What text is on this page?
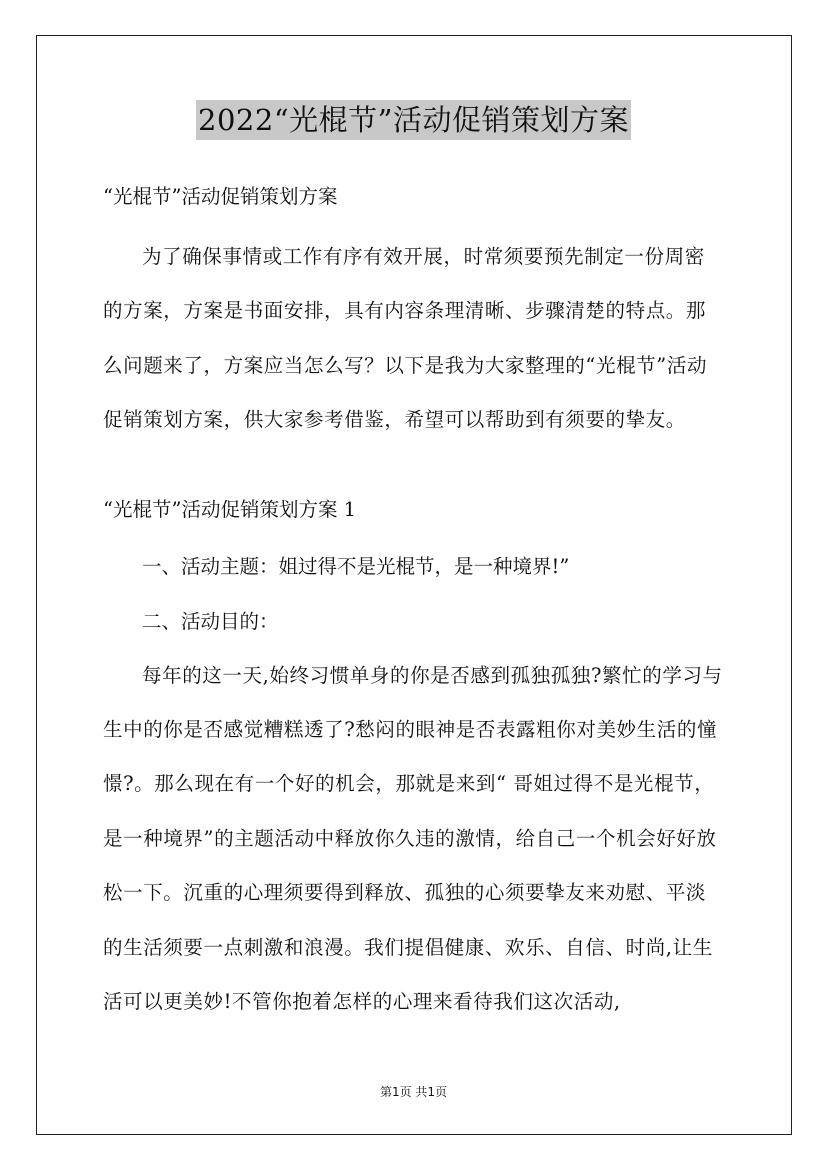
2022“光棍节”活动促销策划方案
“光棍节”活动促销策划方案

为了确保事情或工作有序有效开展，时常须要预先制定一份周密的方案，方案是书面安排，具有内容条理清晰、步骤清楚的特点。那么问题来了，方案应当怎么写？以下是我为大家整理的“光棍节”活动促销策划方案，供大家参考借鉴，希望可以帮助到有须要的挚友。

“光棍节”活动促销策划方案 1
一、活动主题：姐过得不是光棍节，是一种境界!”
二、活动目的：

每年的这一天,始终习惯单身的你是否感到孤独孤独?繁忙的学习与生中的你是否感觉糟糕透了?愁闷的眼神是否表露粗你对美妙生活的憧憬?。那么现在有一个好的机会，那就是来到“ 哥姐过得不是光棍节，是一种境界”的主题活动中释放你久违的激情，给自己一个机会好好放松一下。沉重的心理须要得到释放、孤独的心须要挚友来劝慰、平淡的生活须要一点刺激和浪漫。我们提倡健康、欢乐、自信、时尚,让生活可以更美妙!不管你抱着怎样的心理来看待我们这次活动,

第1页 共1页
